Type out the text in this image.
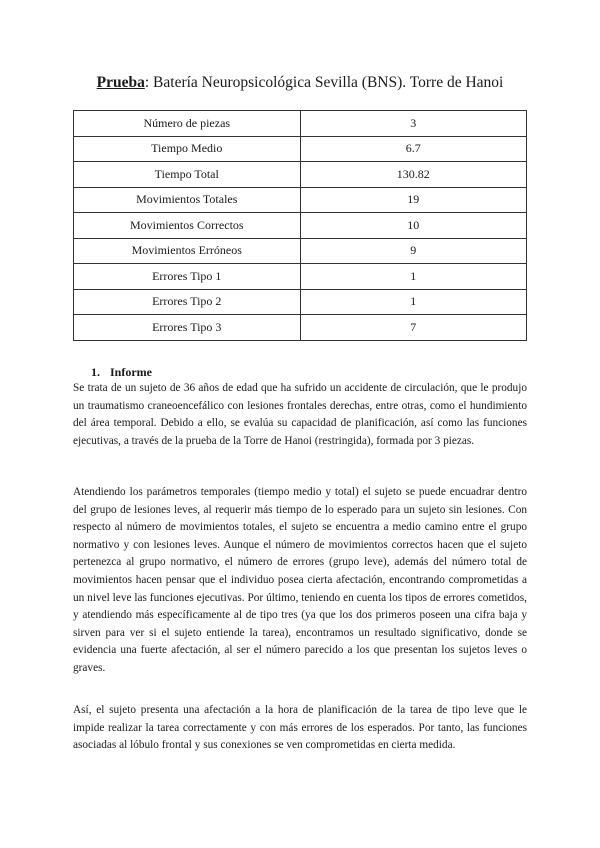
Prueba: Batería Neuropsicológica Sevilla (BNS). Torre de Hanoi
Número de piezas	3
Tiempo Medio	6.7
Tiempo Total	130.82
Movimientos Totales	19
Movimientos Correctos	10
Movimientos Erróneos	9
Errores Tipo 1	1
Errores Tipo 2	1
Errores Tipo 3	7
1. Informe

Se trata de un sujeto de 36 años de edad que ha sufrido un accidente de circulación, que le produjo un traumatismo craneoencefálico con lesiones frontales derechas, entre otras, como el hundimiento del área temporal. Debido a ello, se evalúa su capacidad de planificación, así como las funciones ejecutivas, a través de la prueba de la Torre de Hanoi (restringida), formada por 3 piezas.

Atendiendo los parámetros temporales (tiempo medio y total) el sujeto se puede encuadrar dentro del grupo de lesiones leves, al requerir más tiempo de lo esperado para un sujeto sin lesiones. Con respecto al número de movimientos totales, el sujeto se encuentra a medio camino entre el grupo normativo y con lesiones leves. Aunque el número de movimientos correctos hacen que el sujeto pertenezca al grupo normativo, el número de errores (grupo leve), además del número total de movimientos hacen pensar que el individuo posea cierta afectación, encontrando comprometidas a un nivel leve las funciones ejecutivas. Por último, teniendo en cuenta los tipos de errores cometidos, y atendiendo más específicamente al de tipo tres (ya que los dos primeros poseen una cifra baja y sirven para ver si el sujeto entiende la tarea), encontramos un resultado significativo, donde se evidencia una fuerte afectación, al ser el número parecido a los que presentan los sujetos leves o graves.

Así, el sujeto presenta una afectación a la hora de planificación de la tarea de tipo leve que le impide realizar la tarea correctamente y con más errores de los esperados. Por tanto, las funciones asociadas al lóbulo frontal y sus conexiones se ven comprometidas en cierta medida.
